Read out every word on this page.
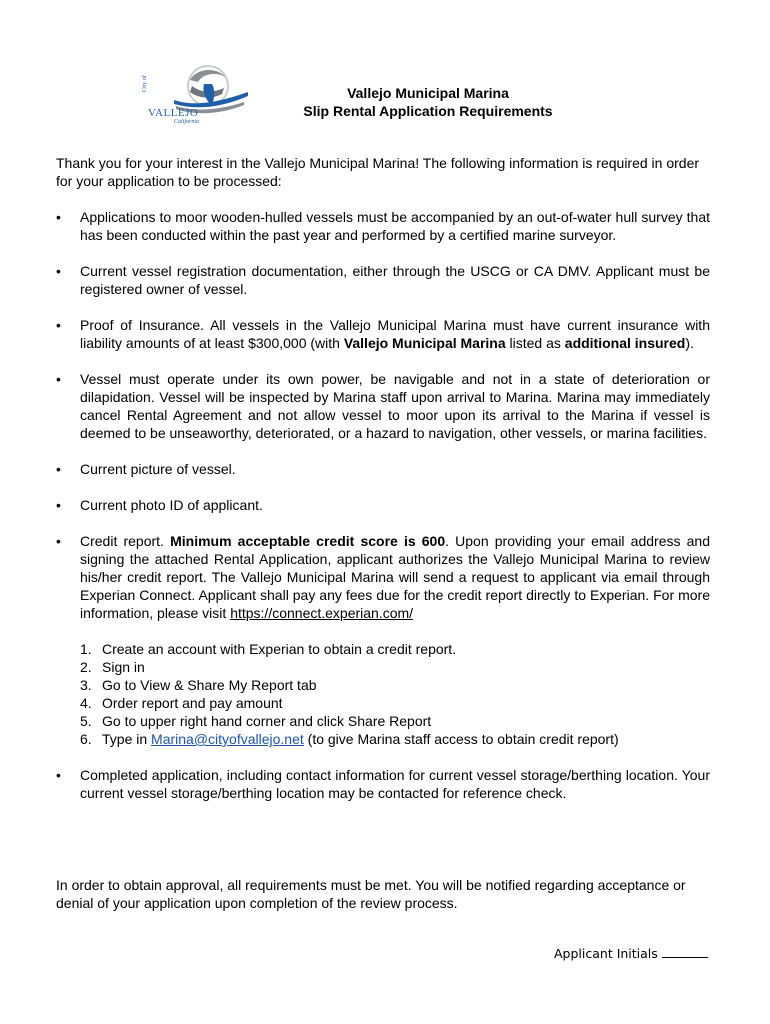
City of
VALLEJO
California
Vallejo Municipal Marina
Slip Rental Application Requirements
Thank you for your interest in the Vallejo Municipal Marina! The following information is required in order for your application to be processed:
• Applications to moor wooden-hulled vessels must be accompanied by an out-of-water hull survey that has been conducted within the past year and performed by a certified marine surveyor.
• Current vessel registration documentation, either through the USCG or CA DMV. Applicant must be registered owner of vessel.
• Proof of Insurance. All vessels in the Vallejo Municipal Marina must have current insurance with liability amounts of at least $300,000 (with Vallejo Municipal Marina listed as additional insured).
• Vessel must operate under its own power, be navigable and not in a state of deterioration or dilapidation. Vessel will be inspected by Marina staff upon arrival to Marina. Marina may immediately cancel Rental Agreement and not allow vessel to moor upon its arrival to the Marina if vessel is deemed to be unseaworthy, deteriorated, or a hazard to navigation, other vessels, or marina facilities.
• Current picture of vessel.
• Current photo ID of applicant.
• Credit report. Minimum acceptable credit score is 600. Upon providing your email address and signing the attached Rental Application, applicant authorizes the Vallejo Municipal Marina to review his/her credit report. The Vallejo Municipal Marina will send a request to applicant via email through Experian Connect. Applicant shall pay any fees due for the credit report directly to Experian. For more information, please visit https://connect.experian.com/
1. Create an account with Experian to obtain a credit report.
2. Sign in
3. Go to View & Share My Report tab
4. Order report and pay amount
5. Go to upper right hand corner and click Share Report
6. Type in Marina@cityofvallejo.net (to give Marina staff access to obtain credit report)
• Completed application, including contact information for current vessel storage/berthing location. Your current vessel storage/berthing location may be contacted for reference check.
In order to obtain approval, all requirements must be met. You will be notified regarding acceptance or denial of your application upon completion of the review process.
Applicant Initials
